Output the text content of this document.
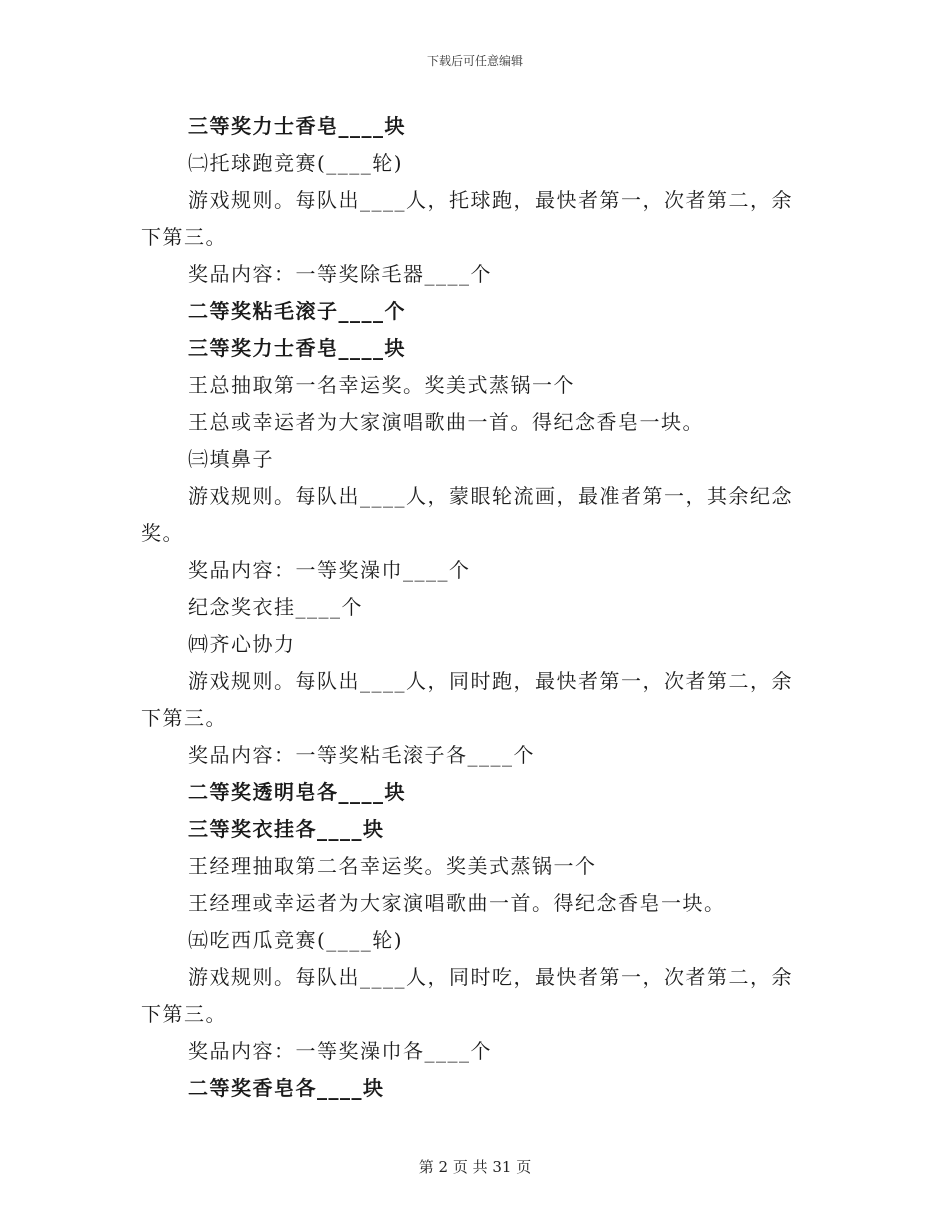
下载后可任意编辑

三等奖力士香皂____块

㈡托球跑竞赛(____轮)

游戏规则。每队出____人，托球跑，最快者第一，次者第二，余下第三。

奖品内容：一等奖除毛器____个

二等奖粘毛滚子____个

三等奖力士香皂____块

王总抽取第一名幸运奖。奖美式蒸锅一个

王总或幸运者为大家演唱歌曲一首。得纪念香皂一块。

㈢填鼻子

游戏规则。每队出____人，蒙眼轮流画，最准者第一，其余纪念奖。

奖品内容：一等奖澡巾____个

纪念奖衣挂____个

㈣齐心协力

游戏规则。每队出____人，同时跑，最快者第一，次者第二，余下第三。

奖品内容：一等奖粘毛滚子各____个

二等奖透明皂各____块

三等奖衣挂各____块

王经理抽取第二名幸运奖。奖美式蒸锅一个

王经理或幸运者为大家演唱歌曲一首。得纪念香皂一块。

㈤吃西瓜竞赛(____轮)

游戏规则。每队出____人，同时吃，最快者第一，次者第二，余下第三。

奖品内容：一等奖澡巾各____个

二等奖香皂各____块

第 2 页 共 31 页
